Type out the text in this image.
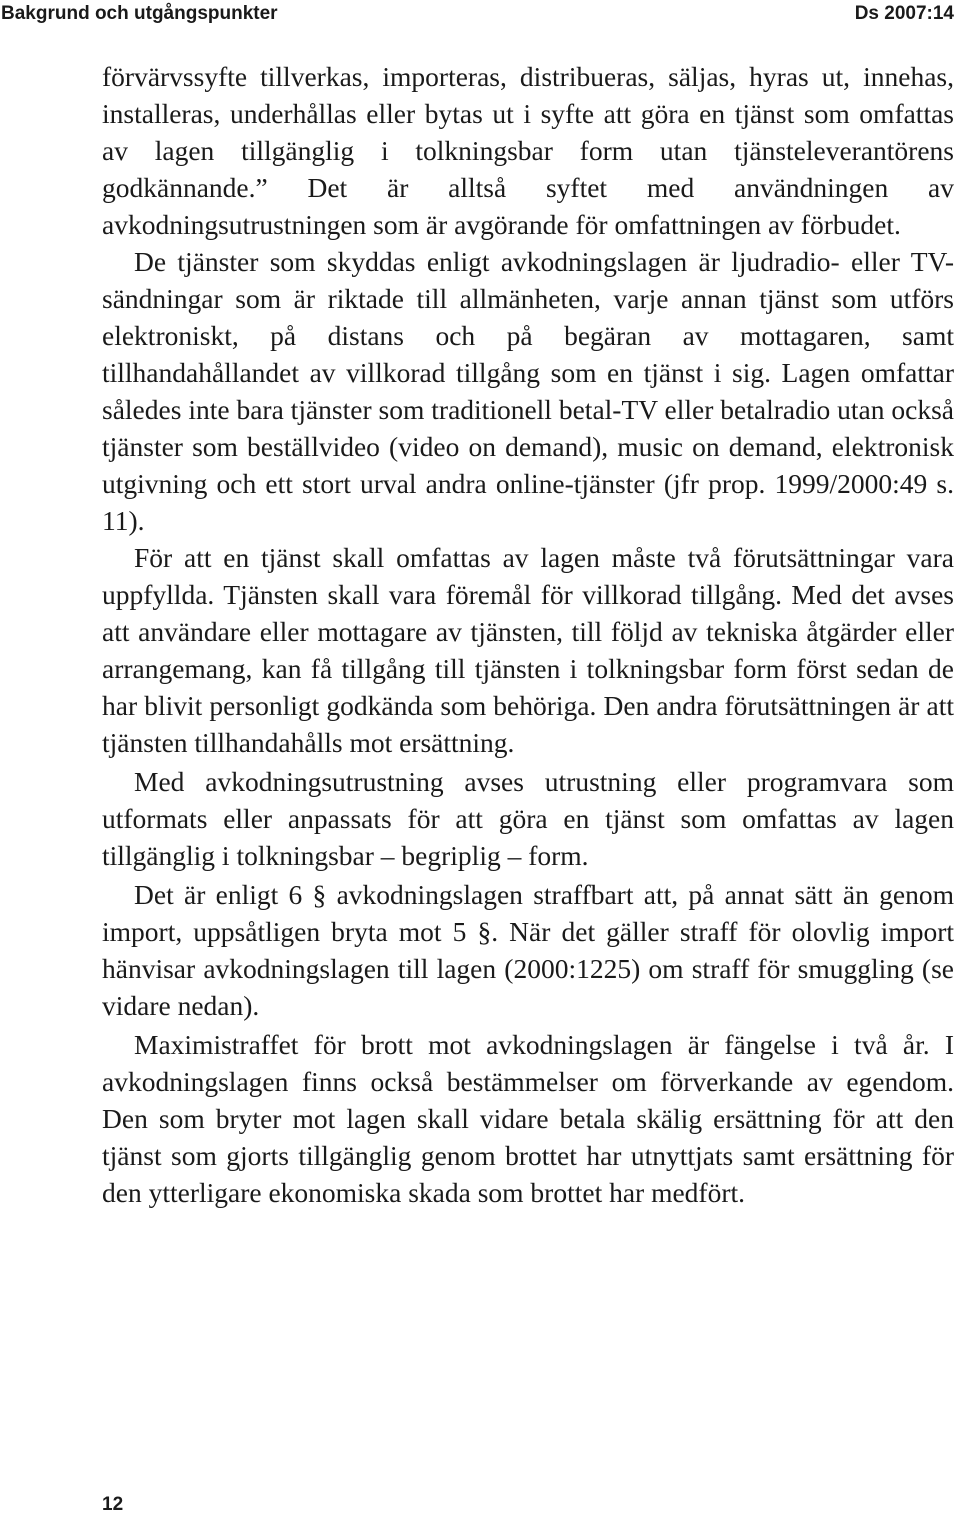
Bakgrund och utgångspunkter	Ds 2007:14

förvärvssyfte tillverkas, importeras, distribueras, säljas, hyras ut, innehas, installeras, underhållas eller bytas ut i syfte att göra en tjänst som omfattas av lagen tillgänglig i tolkningsbar form utan tjänsteleverantörens godkännande.” Det är alltså syftet med användningen av avkodningsutrustningen som är avgörande för omfattningen av förbudet.

De tjänster som skyddas enligt avkodningslagen är ljudradio- eller TV-sändningar som är riktade till allmänheten, varje annan tjänst som utförs elektroniskt, på distans och på begäran av mottagaren, samt tillhandahållandet av villkorad tillgång som en tjänst i sig. Lagen omfattar således inte bara tjänster som traditionell betal-TV eller betalradio utan också tjänster som beställvideo (video on demand), music on demand, elektronisk utgivning och ett stort urval andra online-tjänster (jfr prop. 1999/2000:49 s. 11).

För att en tjänst skall omfattas av lagen måste två förutsättningar vara uppfyllda. Tjänsten skall vara föremål för villkorad tillgång. Med det avses att användare eller mottagare av tjänsten, till följd av tekniska åtgärder eller arrangemang, kan få tillgång till tjänsten i tolkningsbar form först sedan de har blivit personligt godkända som behöriga. Den andra förutsättningen är att tjänsten tillhandahålls mot ersättning.

Med avkodningsutrustning avses utrustning eller programvara som utformats eller anpassats för att göra en tjänst som omfattas av lagen tillgänglig i tolkningsbar – begriplig – form.

Det är enligt 6 § avkodningslagen straffbart att, på annat sätt än genom import, uppsåtligen bryta mot 5 §. När det gäller straff för olovlig import hänvisar avkodningslagen till lagen (2000:1225) om straff för smuggling (se vidare nedan).

Maximistraffet för brott mot avkodningslagen är fängelse i två år. I avkodningslagen finns också bestämmelser om förverkande av egendom. Den som bryter mot lagen skall vidare betala skälig ersättning för att den tjänst som gjorts tillgänglig genom brottet har utnyttjats samt ersättning för den ytterligare ekonomiska skada som brottet har medfört.

12
